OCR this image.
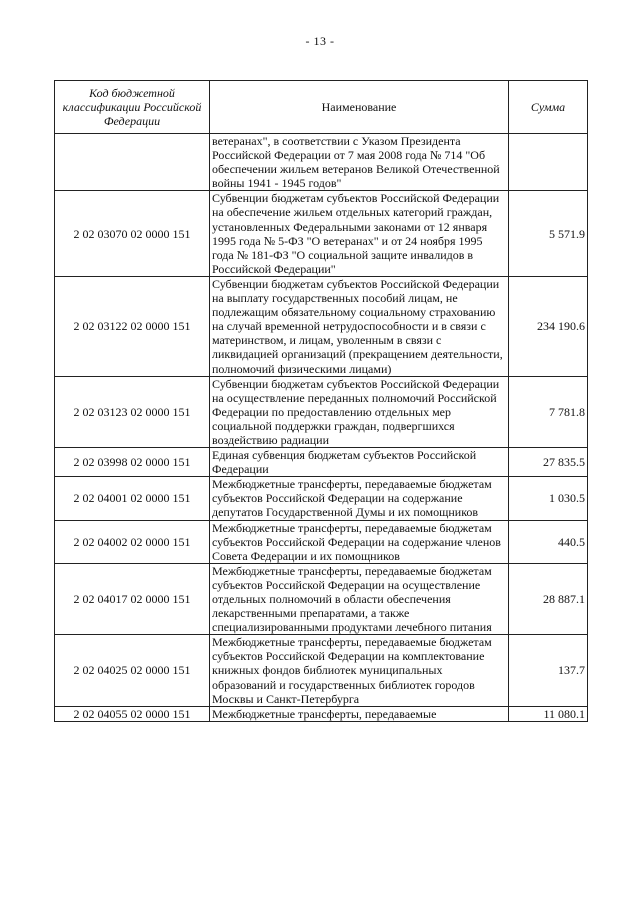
- 13 -
Код бюджетной классификации Российской Федерации	Наименование	Сумма
	ветеранах", в соответствии с Указом Президента Российской Федерации от 7 мая 2008 года № 714 "Об обеспечении жильем ветеранов Великой Отечественной войны 1941 - 1945 годов"	
2 02 03070 02 0000 151	Субвенции бюджетам субъектов Российской Федерации на обеспечение жильем отдельных категорий граждан, установленных Федеральными законами от 12 января 1995 года № 5-ФЗ "О ветеранах" и от 24 ноября 1995 года № 181-ФЗ "О социальной защите инвалидов в Российской Федерации"	5 571.9
2 02 03122 02 0000 151	Субвенции бюджетам субъектов Российской Федерации на выплату государственных пособий лицам, не подлежащим обязательному социальному страхованию на случай временной нетрудоспособности и в связи с материнством, и лицам, уволенным в связи с ликвидацией организаций (прекращением деятельности, полномочий физическими лицами)	234 190.6
2 02 03123 02 0000 151	Субвенции бюджетам субъектов Российской Федерации на осуществление переданных полномочий Российской Федерации по предоставлению отдельных мер социальной поддержки граждан, подвергшихся воздействию радиации	7 781.8
2 02 03998 02 0000 151	Единая субвенция бюджетам субъектов Российской Федерации	27 835.5
2 02 04001 02 0000 151	Межбюджетные трансферты, передаваемые бюджетам субъектов Российской Федерации на содержание депутатов Государственной Думы и их помощников	1 030.5
2 02 04002 02 0000 151	Межбюджетные трансферты, передаваемые бюджетам субъектов Российской Федерации на содержание членов Совета Федерации и их помощников	440.5
2 02 04017 02 0000 151	Межбюджетные трансферты, передаваемые бюджетам субъектов Российской Федерации на осуществление отдельных полномочий в области обеспечения лекарственными препаратами, а также специализированными продуктами лечебного питания	28 887.1
2 02 04025 02 0000 151	Межбюджетные трансферты, передаваемые бюджетам субъектов Российской Федерации на комплектование книжных фондов библиотек муниципальных образований и государственных библиотек городов Москвы и Санкт-Петербурга	137.7
2 02 04055 02 0000 151	Межбюджетные трансферты, передаваемые	11 080.1
